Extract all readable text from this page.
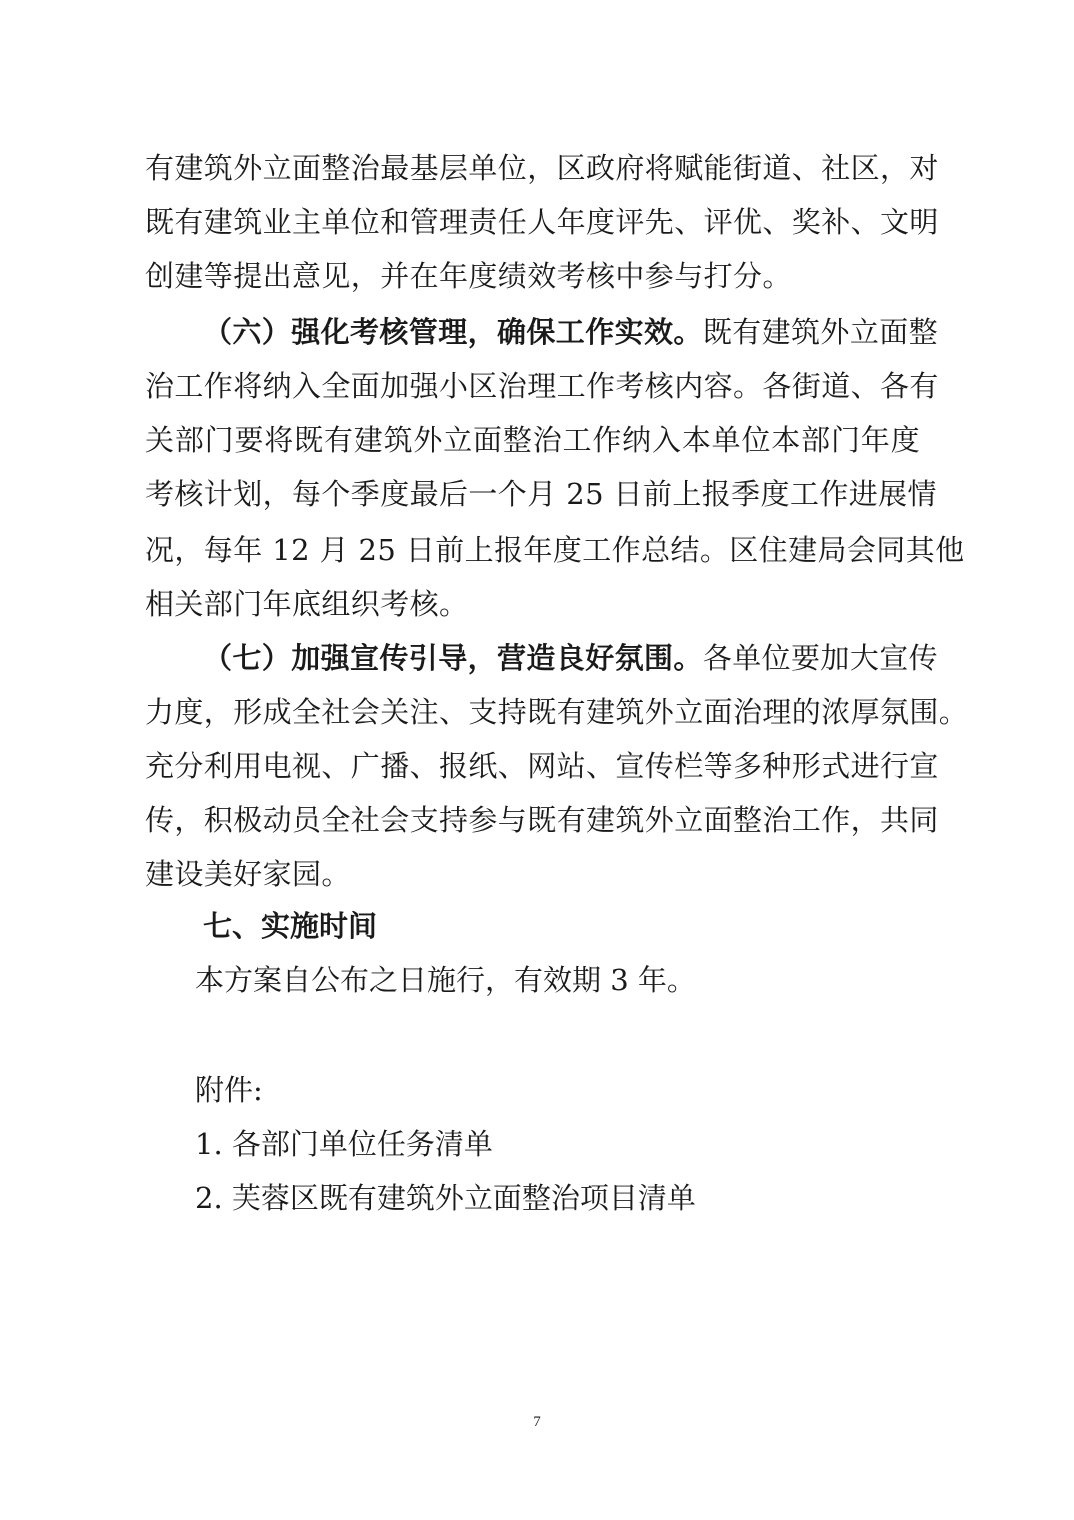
有建筑外立面整治最基层单位，区政府将赋能街道、社区，对
既有建筑业主单位和管理责任人年度评先、评优、奖补、文明
创建等提出意见，并在年度绩效考核中参与打分。
（六）强化考核管理，确保工作实效。既有建筑外立面整
治工作将纳入全面加强小区治理工作考核内容。各街道、各有
关部门要将既有建筑外立面整治工作纳入本单位本部门年度
考核计划，每个季度最后一个月 25 日前上报季度工作进展情
况，每年 12 月 25 日前上报年度工作总结。区住建局会同其他
相关部门年底组织考核。
（七）加强宣传引导，营造良好氛围。各单位要加大宣传
力度，形成全社会关注、支持既有建筑外立面治理的浓厚氛围。
充分利用电视、广播、报纸、网站、宣传栏等多种形式进行宣
传，积极动员全社会支持参与既有建筑外立面整治工作，共同
建设美好家园。
七、实施时间
本方案自公布之日施行，有效期 3 年。
附件:
1. 各部门单位任务清单
2. 芙蓉区既有建筑外立面整治项目清单
7
